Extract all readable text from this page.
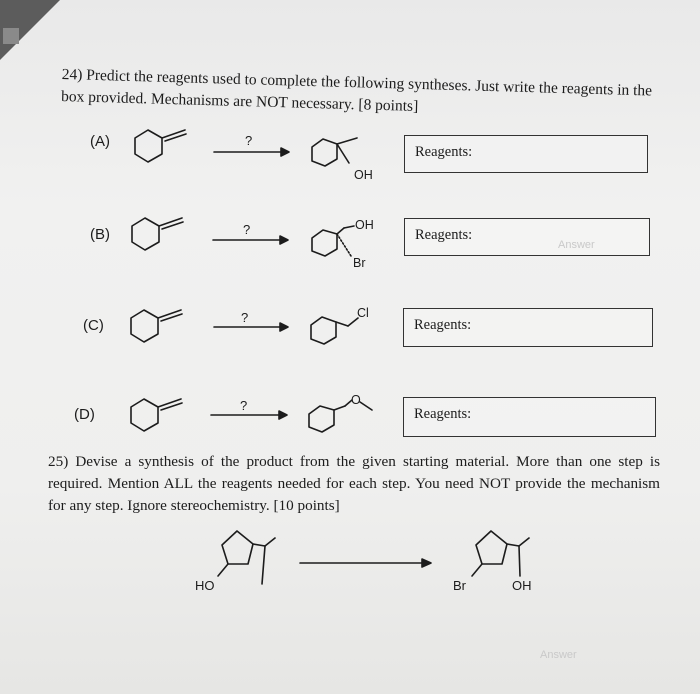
24) Predict the reagents used to complete the following syntheses. Just write the reagents in the box provided. Mechanisms are NOT necessary. [8 points]
(A)
(B)
(C)
(D)
Reagents:
Reagents:
Reagents:
Reagents:
Answer
Answer
?
?
?
?
OH
OH
Br
Cl
O
25) Devise a synthesis of the product from the given starting material. More than one step is required. Mention ALL the reagents needed for each step. You need NOT provide the mechanism for any step. Ignore stereochemistry. [10 points]
HO	Br	OH
